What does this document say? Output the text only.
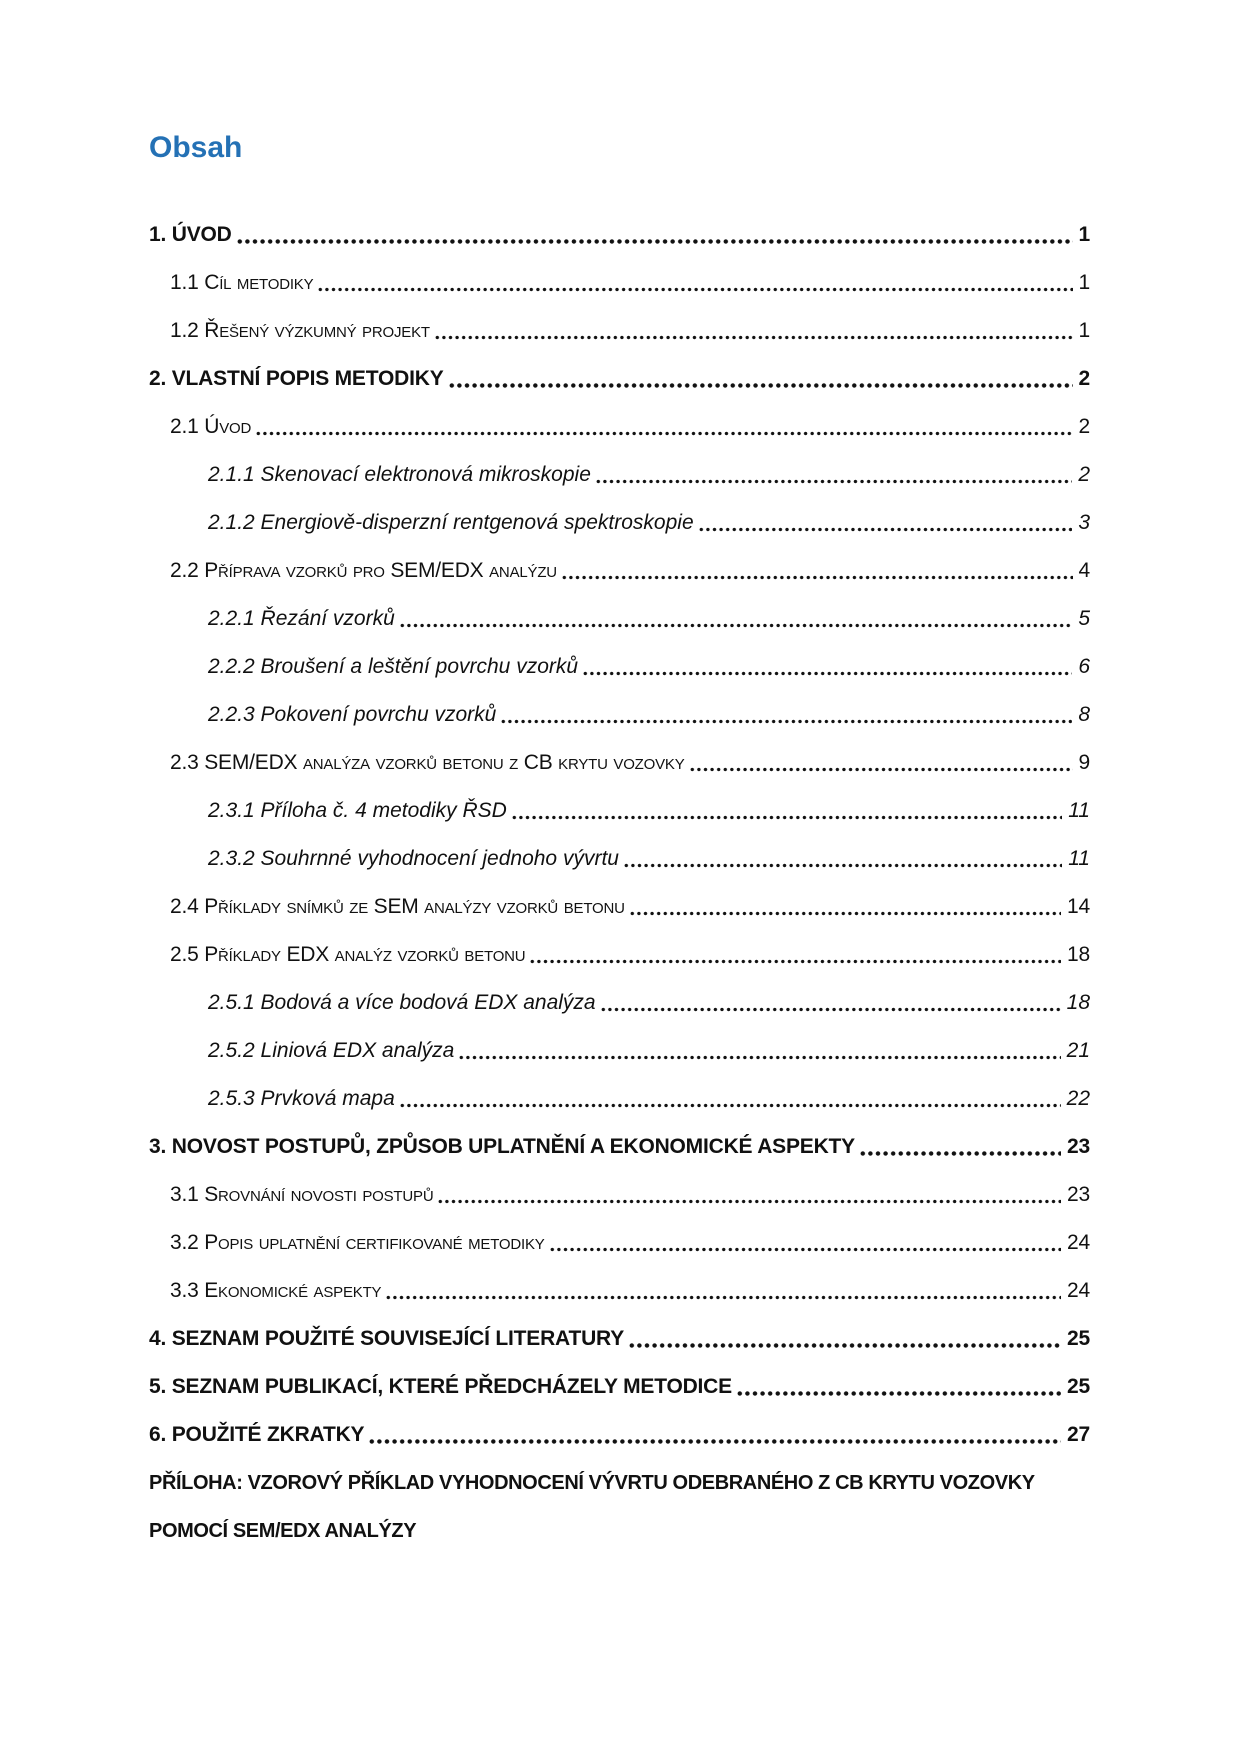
Obsah
1. ÚVOD	1
1.1 Cíl metodiky	1
1.2 Řešený výzkumný projekt	1
2. VLASTNÍ POPIS METODIKY	2
2.1 Úvod	2
2.1.1 Skenovací elektronová mikroskopie	2
2.1.2 Energiově-disperzní rentgenová spektroskopie	3
2.2 Příprava vzorků pro SEM/EDX analýzu	4
2.2.1 Řezání vzorků	5
2.2.2 Broušení a leštění povrchu vzorků	6
2.2.3 Pokovení povrchu vzorků	8
2.3 SEM/EDX analýza vzorků betonu z CB krytu vozovky	9
2.3.1 Příloha č. 4 metodiky ŘSD	11
2.3.2 Souhrnné vyhodnocení jednoho vývrtu	11
2.4 Příklady snímků ze SEM analýzy vzorků betonu	14
2.5 Příklady EDX analýz vzorků betonu	18
2.5.1 Bodová a více bodová EDX analýza	18
2.5.2 Liniová EDX analýza	21
2.5.3 Prvková mapa	22
3. NOVOST POSTUPŮ, ZPŮSOB UPLATNĚNÍ A EKONOMICKÉ ASPEKTY	23
3.1 Srovnání novosti postupů	23
3.2 Popis uplatnění certifikované metodiky	24
3.3 Ekonomické aspekty	24
4. SEZNAM POUŽITÉ SOUVISEJÍCÍ LITERATURY	25
5. SEZNAM PUBLIKACÍ, KTERÉ PŘEDCHÁZELY METODICE	25
6. POUŽITÉ ZKRATKY	27
PŘÍLOHA: VZOROVÝ PŘÍKLAD VYHODNOCENÍ VÝVRTU ODEBRANÉHO Z CB KRYTU VOZOVKY
POMOCÍ SEM/EDX ANALÝZY
